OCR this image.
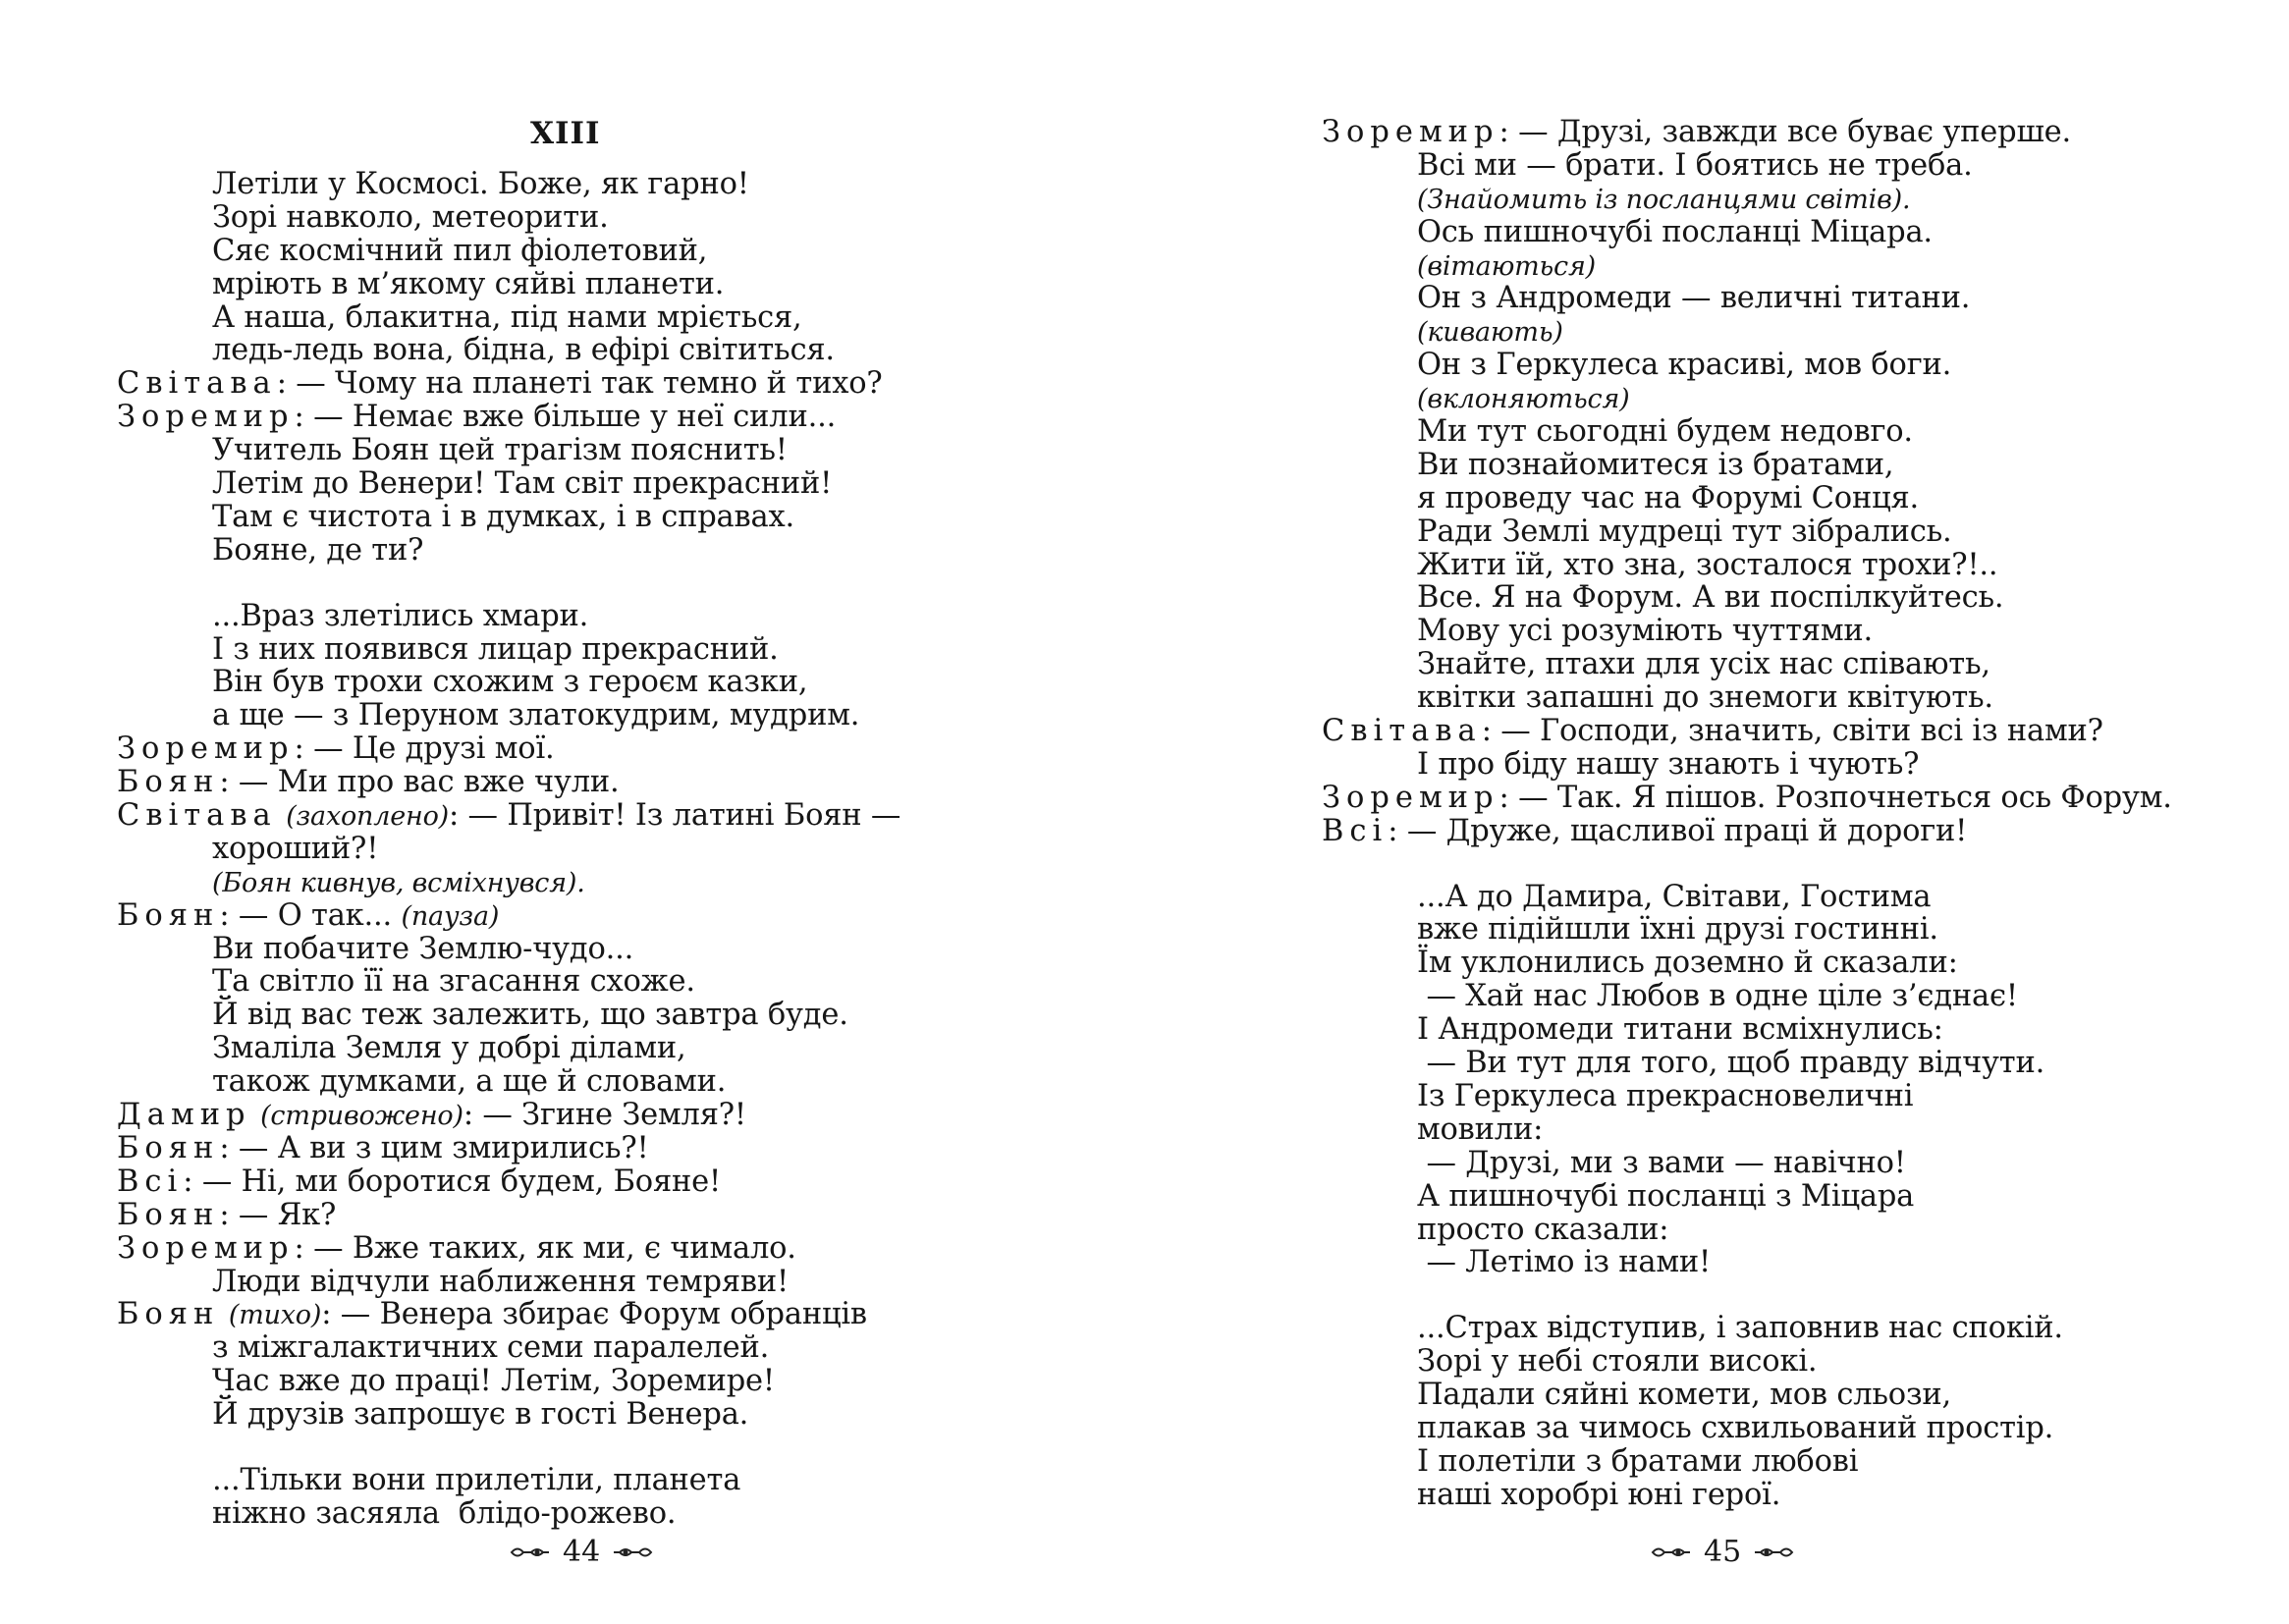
XIII
Летіли у Космосі. Боже, як гарно!
Зорі навколо, метеорити.
Сяє космічний пил фіолетовий,
мріють в м’якому сяйві планети.
А наша, блакитна, під нами мріється,
ледь-ледь вона, бідна, в ефірі світиться.
Світава: — Чому на планеті так темно й тихо?
Зоремир: — Немає вже більше у неї сили...
Учитель Боян цей трагізм пояснить!
Летім до Венери! Там світ прекрасний!
Там є чистота і в думках, і в справах.
Бояне, де ти?
...Враз злетілись хмари.
І з них появився лицар прекрасний.
Він був трохи схожим з героєм казки,
а ще — з Перуном златокудрим, мудрим.
Зоремир: — Це друзі мої.
Боян: — Ми про вас вже чули.
Світава (захоплено): — Привіт! Із латині Боян —
хороший?!
(Боян кивнув, всміхнувся).
Боян: — О так... (пауза)
Ви побачите Землю-чудо...
Та світло її на згасання схоже.
Й від вас теж залежить, що завтра буде.
Змаліла Земля у добрі ділами,
також думками, а ще й словами.
Дамир (стривожено): — Згине Земля?!
Боян: — А ви з цим змирились?!
Всі: — Ні, ми боротися будем, Бояне!
Боян: — Як?
Зоремир: — Вже таких, як ми, є чимало.
Люди відчули наближення темряви!
Боян (тихо): — Венера збирає Форум обранців
з міжгалактичних семи паралелей.
Час вже до праці! Летім, Зоремире!
Й друзів запрошує в гості Венера.
...Тільки вони прилетіли, планета
ніжно засяяла  блідо-рожево.
44
Зоремир: — Друзі, завжди все буває уперше.
Всі ми — брати. І боятись не треба.
(Знайомить із посланцями світів).
Ось пишночубі посланці Міцара.
(вітаються)
Он з Андромеди — величні титани.
(кивають)
Он з Геркулеса красиві, мов боги.
(вклоняються)
Ми тут сьогодні будем недовго.
Ви познайомитеся із братами,
я проведу час на Форумі Сонця.
Ради Землі мудреці тут зібрались.
Жити їй, хто зна, зосталося трохи?!..
Все. Я на Форум. А ви поспілкуйтесь.
Мову усі розуміють чуттями.
Знайте, птахи для усіх нас співають,
квітки запашні до знемоги квітують.
Світава: — Господи, значить, світи всі із нами?
І про біду нашу знають і чують?
Зоремир: — Так. Я пішов. Розпочнеться ось Форум.
Всі: — Друже, щасливої праці й дороги!
...А до Дамира, Світави, Гостима
вже підійшли їхні друзі гостинні.
Їм уклонились доземно й сказали:
— Хай нас Любов в одне ціле з’єднає!
І Андромеди титани всміхнулись:
— Ви тут для того, щоб правду відчути.
Із Геркулеса прекрасновеличні
мовили:
— Друзі, ми з вами — навічно!
А пишночубі посланці з Міцара
просто сказали:
— Летімо із нами!
...Страх відступив, і заповнив нас спокій.
Зорі у небі стояли високі.
Падали сяйні комети, мов сльози,
плакав за чимось схвильований простір.
І полетіли з братами любові
наші хоробрі юні герої.
45
